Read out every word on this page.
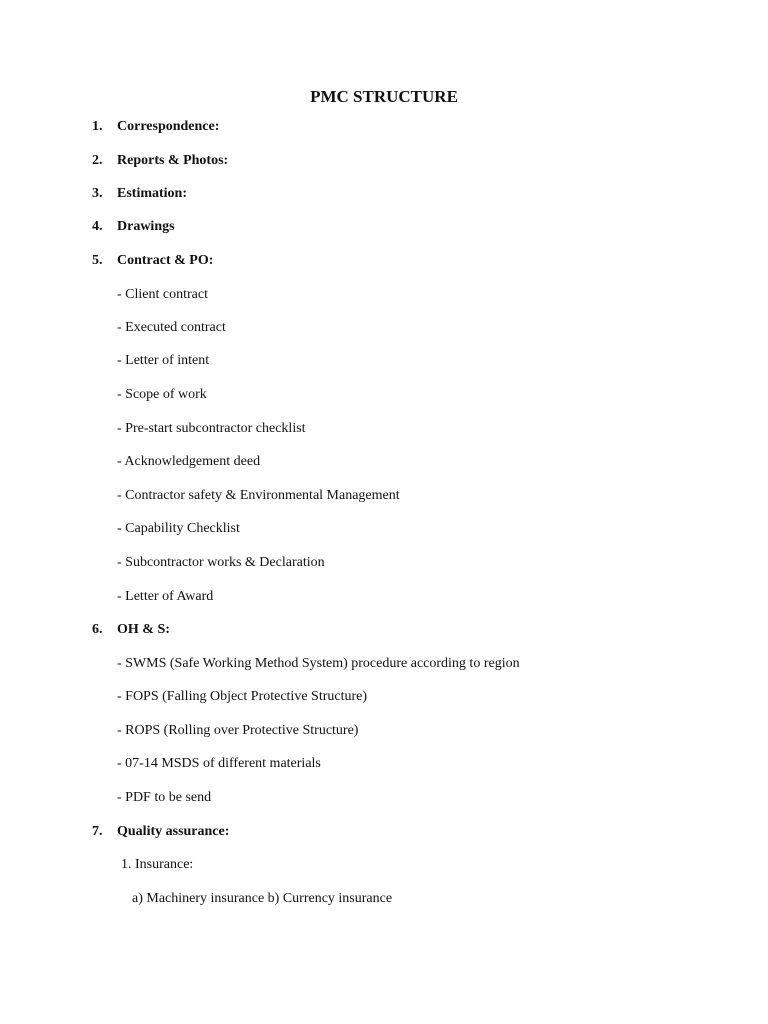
PMC STRUCTURE
1. Correspondence:
2. Reports & Photos:
3. Estimation:
4. Drawings
5. Contract & PO:
- Client contract
- Executed contract
- Letter of intent
- Scope of work
- Pre-start subcontractor checklist
- Acknowledgement deed
- Contractor safety & Environmental Management
- Capability Checklist
- Subcontractor works & Declaration
- Letter of Award
6. OH & S:
- SWMS (Safe Working Method System) procedure according to region
- FOPS (Falling Object Protective Structure)
- ROPS (Rolling over Protective Structure)
- 07-14 MSDS of different materials
- PDF to be send
7. Quality assurance:
1. Insurance:
a) Machinery insurance b) Currency insurance
